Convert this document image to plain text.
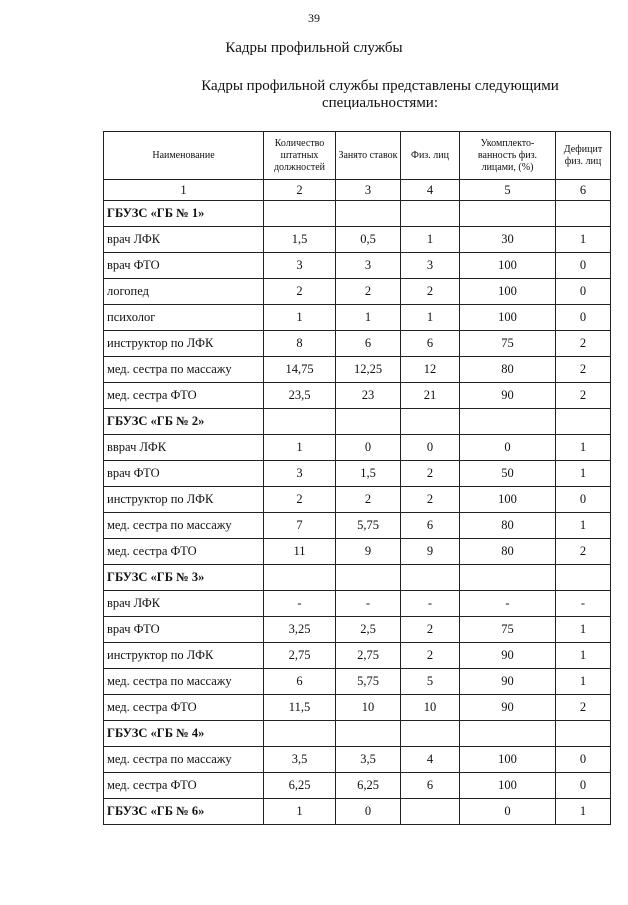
39
Кадры профильной службы
Кадры профильной службы представлены следующими специальностями:
Наименование	Количество штатных должностей	Занято ставок	Физ. лиц	Укомплекто-ванность физ. лицами, (%)	Дефицит физ. лиц
1	2	3	4	5	6
ГБУЗС «ГБ № 1»					
врач ЛФК	1,5	0,5	1	30	1
врач ФТО	3	3	3	100	0
логопед	2	2	2	100	0
психолог	1	1	1	100	0
инструктор по ЛФК	8	6	6	75	2
мед. сестра по массажу	14,75	12,25	12	80	2
мед. сестра ФТО	23,5	23	21	90	2
ГБУЗС «ГБ № 2»					
вврач ЛФК	1	0	0	0	1
врач ФТО	3	1,5	2	50	1
инструктор по ЛФК	2	2	2	100	0
мед. сестра по массажу	7	5,75	6	80	1
мед. сестра ФТО	11	9	9	80	2
ГБУЗС «ГБ № 3»					
врач ЛФК	-	-	-	-	-
врач ФТО	3,25	2,5	2	75	1
инструктор по ЛФК	2,75	2,75	2	90	1
мед. сестра по массажу	6	5,75	5	90	1
мед. сестра ФТО	11,5	10	10	90	2
ГБУЗС «ГБ № 4»					
мед. сестра по массажу	3,5	3,5	4	100	0
мед. сестра ФТО	6,25	6,25	6	100	0
ГБУЗС «ГБ № 6»	1	0		0	1
